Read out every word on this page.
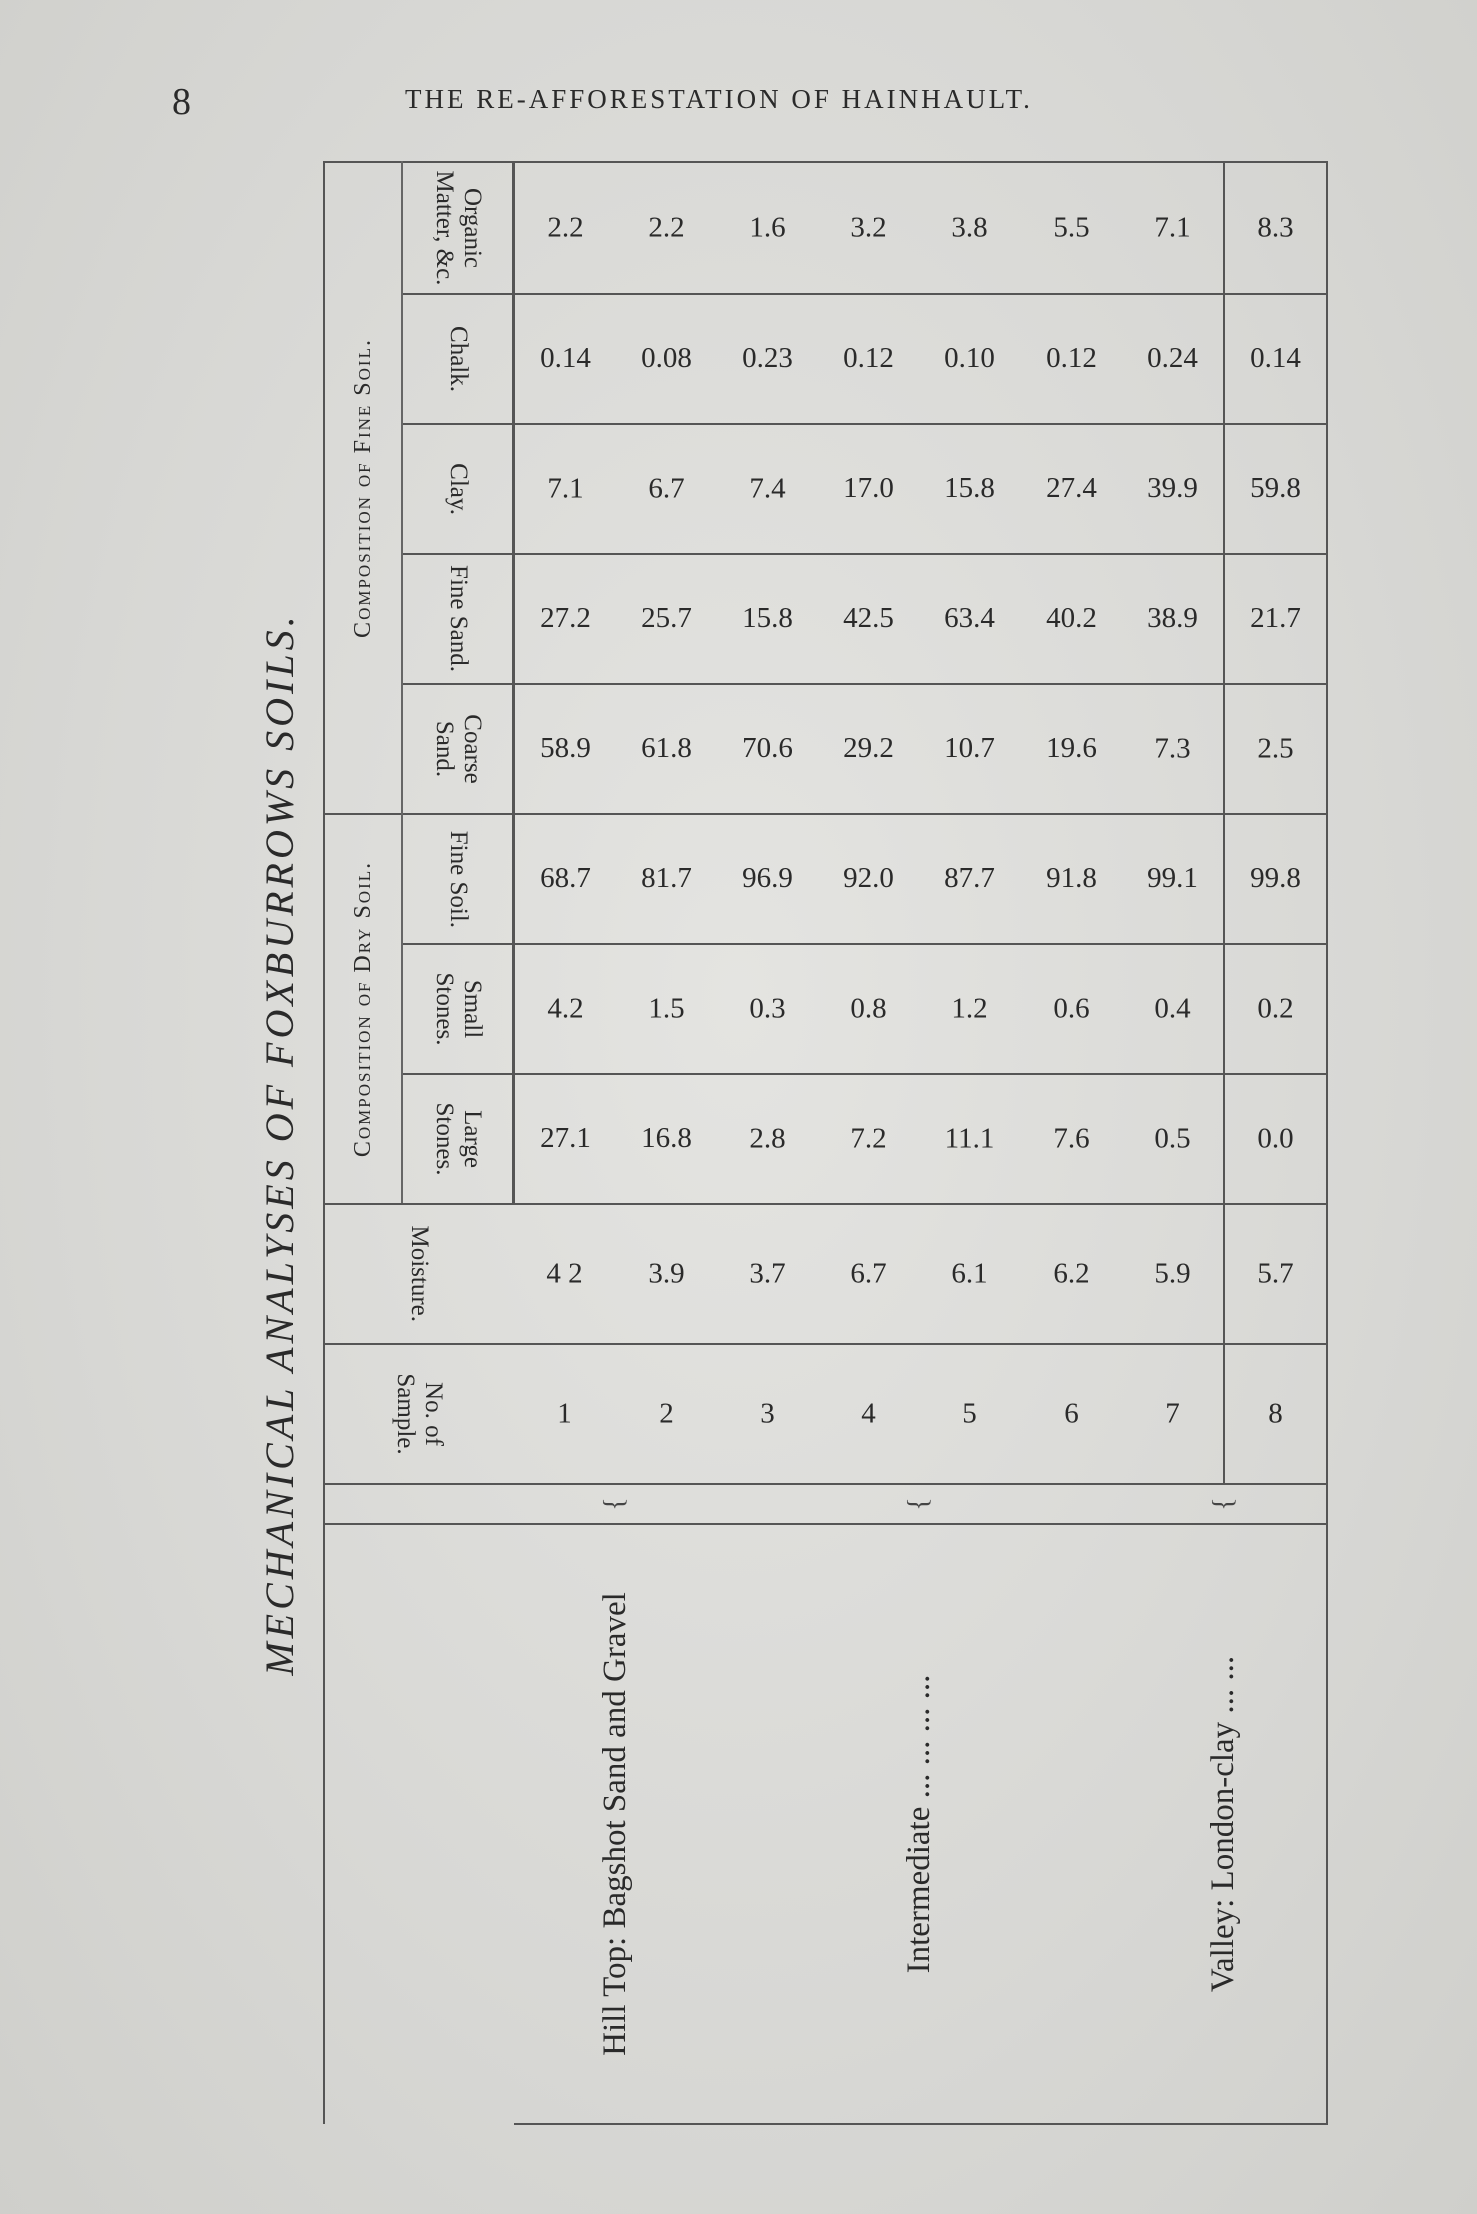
8	THE RE-AFFORESTATION OF HAINHAULT.
MECHANICAL ANALYSES OF FOXBURROWS SOILS.
			No. of Sample.	Moisture.	Composition of Dry Soil.			Composition of Fine Soil.				
				Large Stones.	Small Stones.	Fine Soil.	Coarse Sand.	Fine Sand.	Clay.	Chalk.	Organic Matter, &c.
Hill Top: Bagshot Sand and Gravel	{	1	4 2	27.1	4.2	68.7	58.9	27.2	7.1	0.14	2.2
		2	3.9	16.8	1.5	81.7	61.8	25.7	6.7	0.08	2.2
Intermediate ... ... ... ...	{	3	3.7	2.8	0.3	96.9	70.6	15.8	7.4	0.23	1.6
		4	6.7	7.2	0.8	92.0	29.2	42.5	17.0	0.12	3.2
		5	6.1	11.1	1.2	87.7	10.7	63.4	15.8	0.10	3.8
		6	6.2	7.6	0.6	91.8	19.6	40.2	27.4	0.12	5.5
Valley: London-clay ... ...	{	7	5.9	0.5	0.4	99.1	7.3	38.9	39.9	0.24	7.1
		8	5.7	0.0	0.2	99.8	2.5	21.7	59.8	0.14	8.3
